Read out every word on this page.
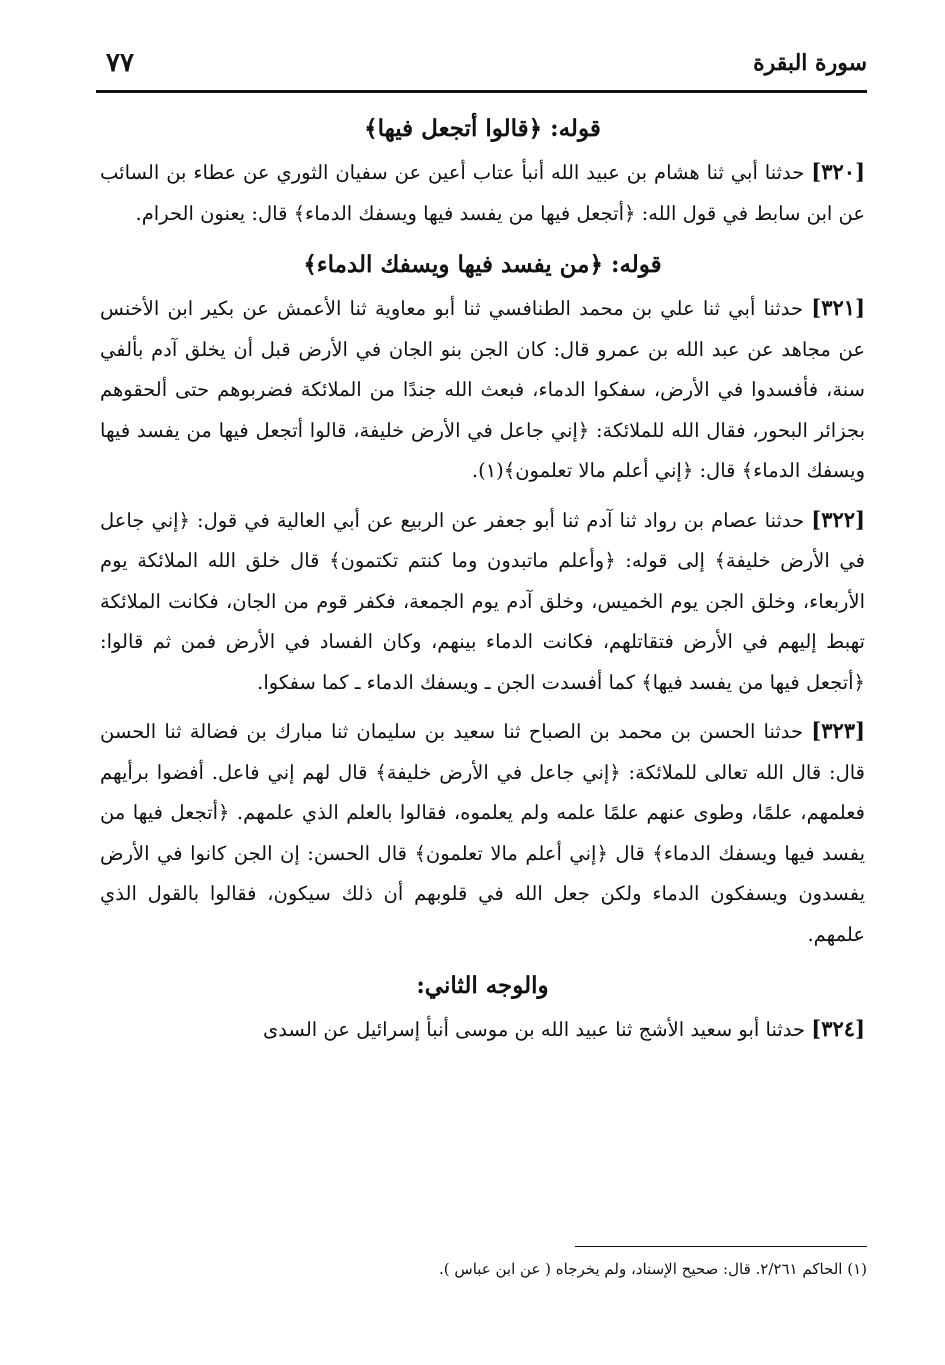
سورة البقرة
٧٧

قوله: ﴿قالوا أتجعل فيها﴾

[٣٢٠] حدثنا أبي ثنا هشام بن عبيد الله أنبأ عتاب أعين عن سفيان الثوري عن عطاء بن السائب عن ابن سابط في قول الله: ﴿أتجعل فيها من يفسد فيها ويسفك الدماء﴾ قال: يعنون الحرام.

قوله: ﴿من يفسد فيها ويسفك الدماء﴾

[٣٢١] حدثنا أبي ثنا علي بن محمد الطنافسي ثنا أبو معاوية ثنا الأعمش عن بكير ابن الأخنس عن مجاهد عن عبد الله بن عمرو قال: كان الجن بنو الجان في الأرض قبل أن يخلق آدم بألفي سنة، فأفسدوا في الأرض، سفكوا الدماء، فبعث الله جندًا من الملائكة فضربوهم حتى ألحقوهم بجزائر البحور، فقال الله للملائكة: ﴿إني جاعل في الأرض خليفة، قالوا أتجعل فيها من يفسد فيها ويسفك الدماء﴾ قال: ﴿إني أعلم مالا تعلمون﴾(١).

[٣٢٢] حدثنا عصام بن رواد ثنا آدم ثنا أبو جعفر عن الربيع عن أبي العالية في قول: ﴿إني جاعل في الأرض خليفة﴾ إلى قوله: ﴿وأعلم ماتبدون وما كنتم تكتمون﴾ قال خلق الله الملائكة يوم الأربعاء، وخلق الجن يوم الخميس، وخلق آدم يوم الجمعة، فكفر قوم من الجان، فكانت الملائكة تهبط إليهم في الأرض فتقاتلهم، فكانت الدماء بينهم، وكان الفساد في الأرض فمن ثم قالوا: ﴿أتجعل فيها من يفسد فيها﴾ كما أفسدت الجن ـ ويسفك الدماء ـ كما سفكوا.

[٣٢٣] حدثنا الحسن بن محمد بن الصباح ثنا سعيد بن سليمان ثنا مبارك بن فضالة ثنا الحسن قال: قال الله تعالى للملائكة: ﴿إني جاعل في الأرض خليفة﴾ قال لهم إني فاعل. أفضوا برأيهم فعلمهم، علمًا، وطوى عنهم علمًا علمه ولم يعلموه، فقالوا بالعلم الذي علمهم. ﴿أتجعل فيها من يفسد فيها ويسفك الدماء﴾ قال ﴿إني أعلم مالا تعلمون﴾ قال الحسن: إن الجن كانوا في الأرض يفسدون ويسفكون الدماء ولكن جعل الله في قلوبهم أن ذلك سيكون، فقالوا بالقول الذي علمهم.

والوجه الثاني:

[٣٢٤] حدثنا أبو سعيد الأشج ثنا عبيد الله بن موسى أنبأ إسرائيل عن السدى

(١) الحاكم ٢/٢٦١. قال: صحيح الإسناد، ولم يخرجاه ( عن ابن عباس ).
